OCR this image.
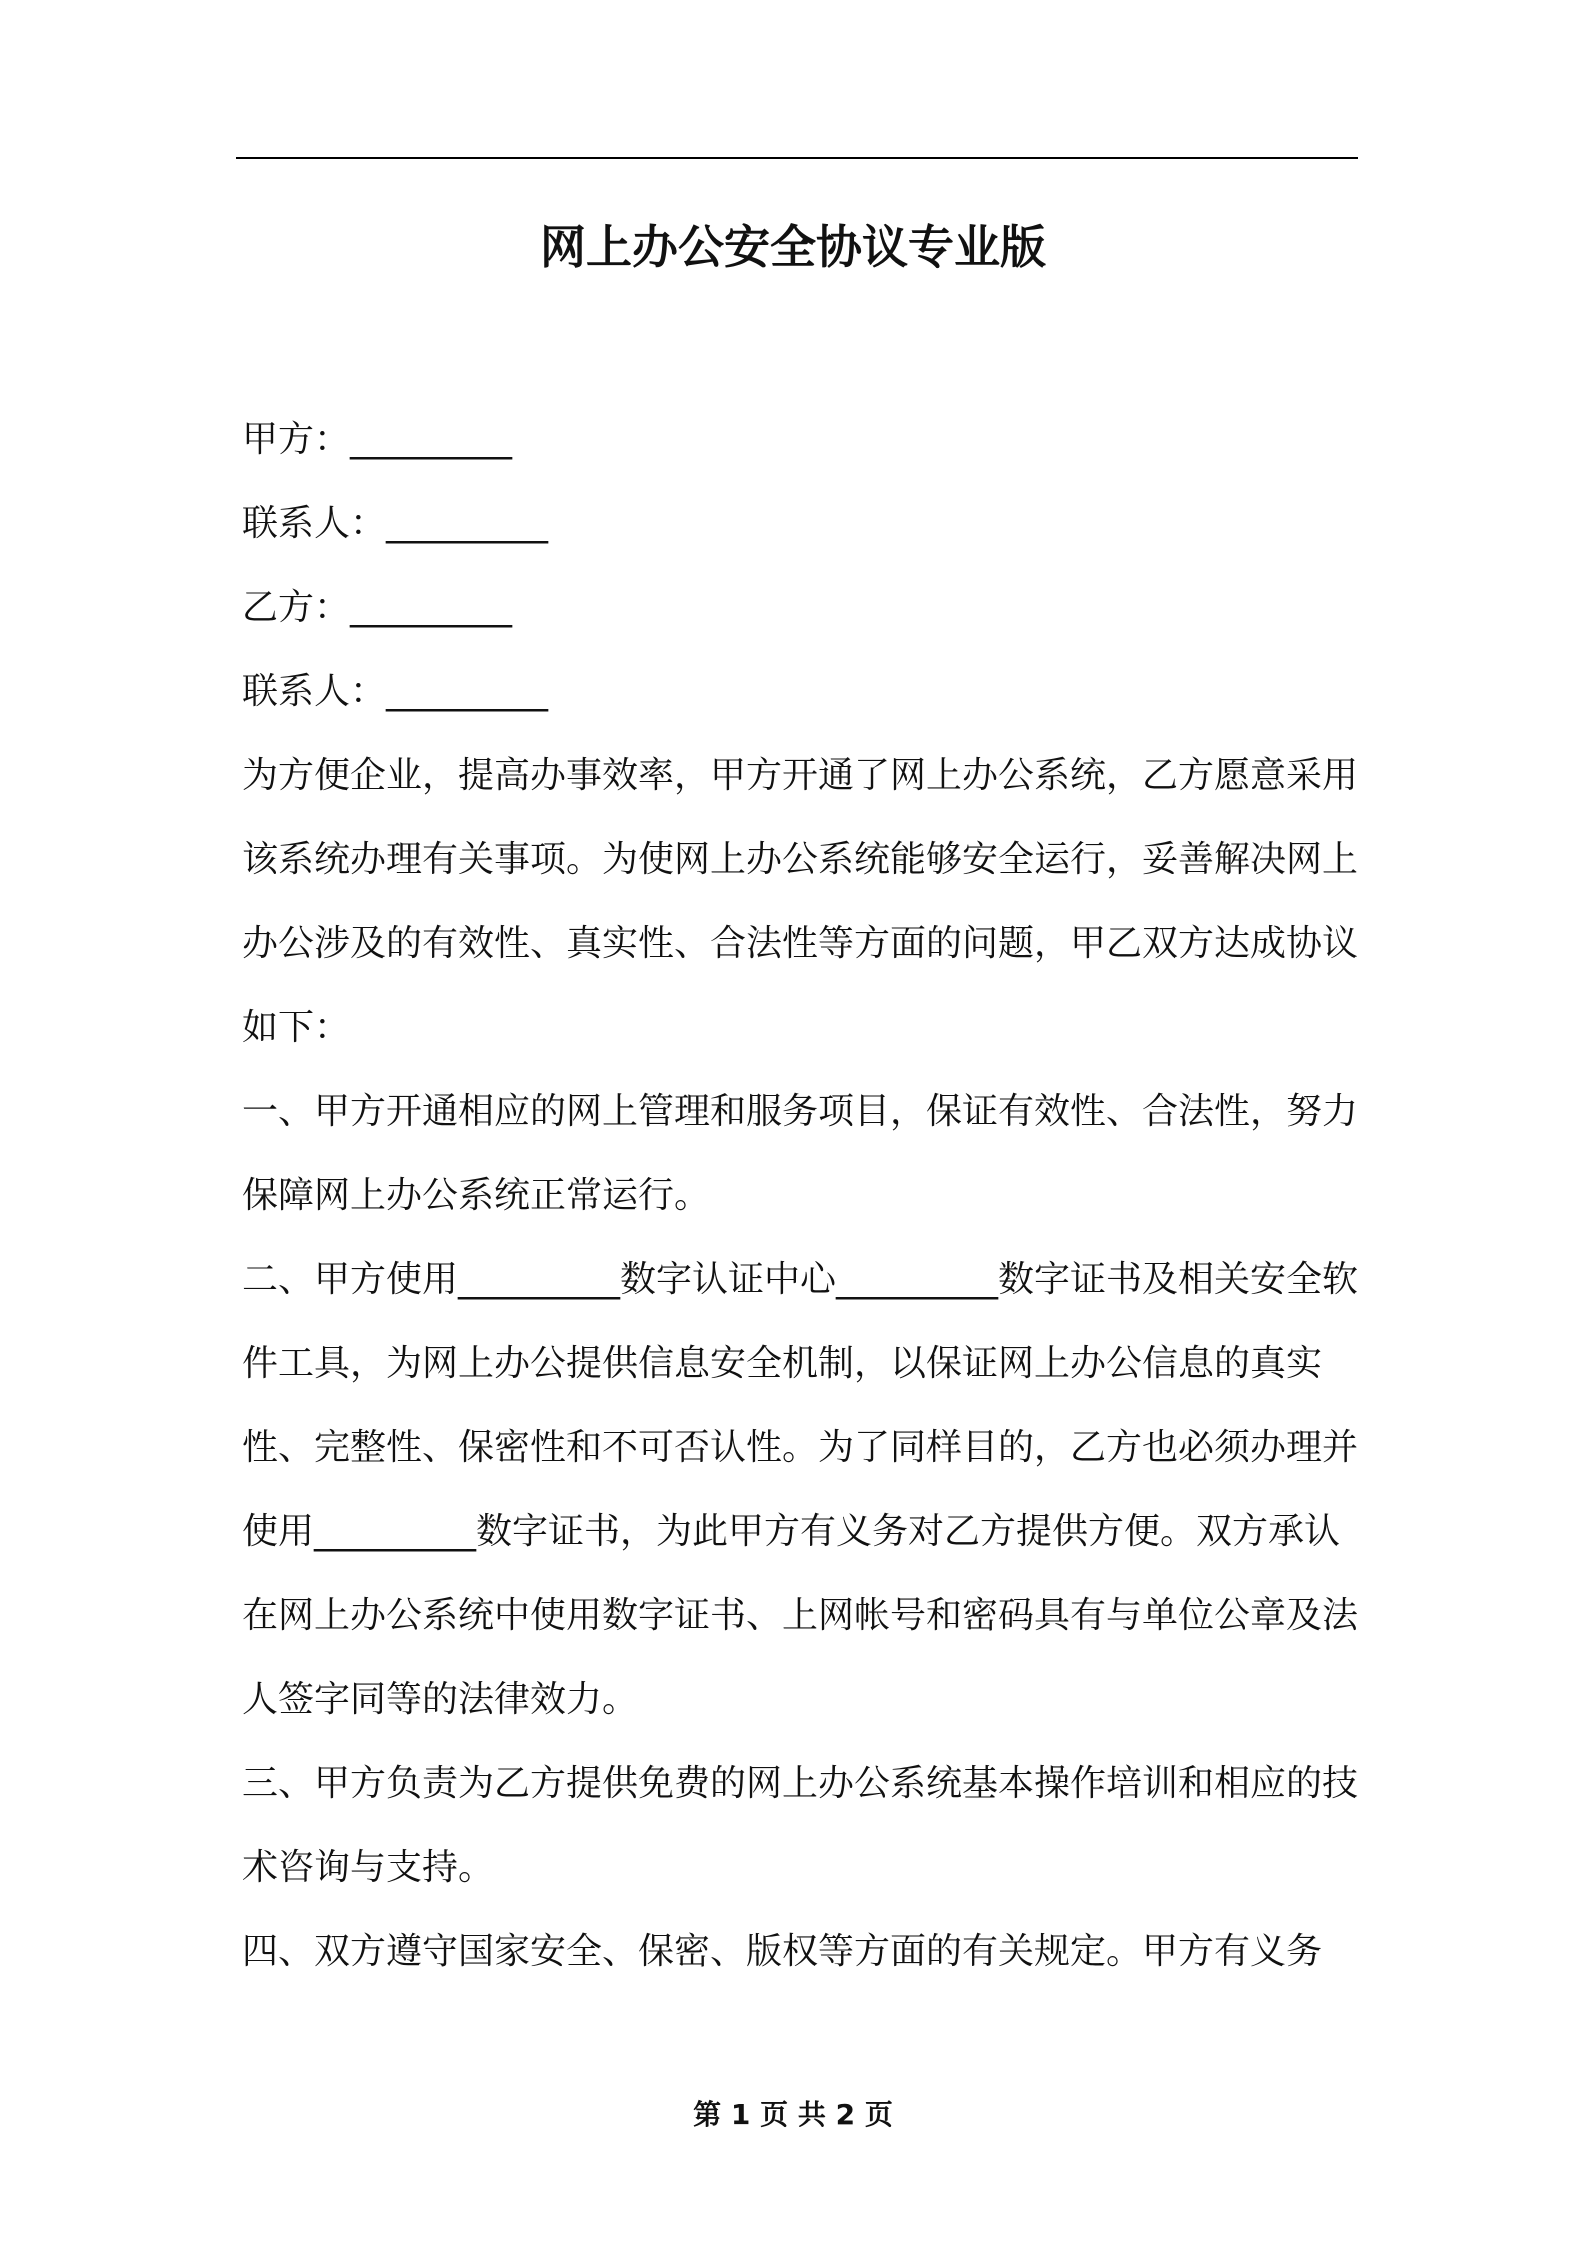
网上办公安全协议专业版

甲方：_________

联系人：_________

乙方：_________

联系人：_________

为方便企业，提高办事效率，甲方开通了网上办公系统，乙方愿意采用该系统办理有关事项。为使网上办公系统能够安全运行，妥善解决网上办公涉及的有效性、真实性、合法性等方面的问题，甲乙双方达成协议如下：

一、甲方开通相应的网上管理和服务项目，保证有效性、合法性，努力保障网上办公系统正常运行。

二、甲方使用_________数字认证中心_________数字证书及相关安全软件工具，为网上办公提供信息安全机制，以保证网上办公信息的真实性、完整性、保密性和不可否认性。为了同样目的，乙方也必须办理并使用_________数字证书，为此甲方有义务对乙方提供方便。双方承认在网上办公系统中使用数字证书、上网帐号和密码具有与单位公章及法人签字同等的法律效力。

三、甲方负责为乙方提供免费的网上办公系统基本操作培训和相应的技术咨询与支持。

四、双方遵守国家安全、保密、版权等方面的有关规定。甲方有义务

第 1 页 共 2 页
